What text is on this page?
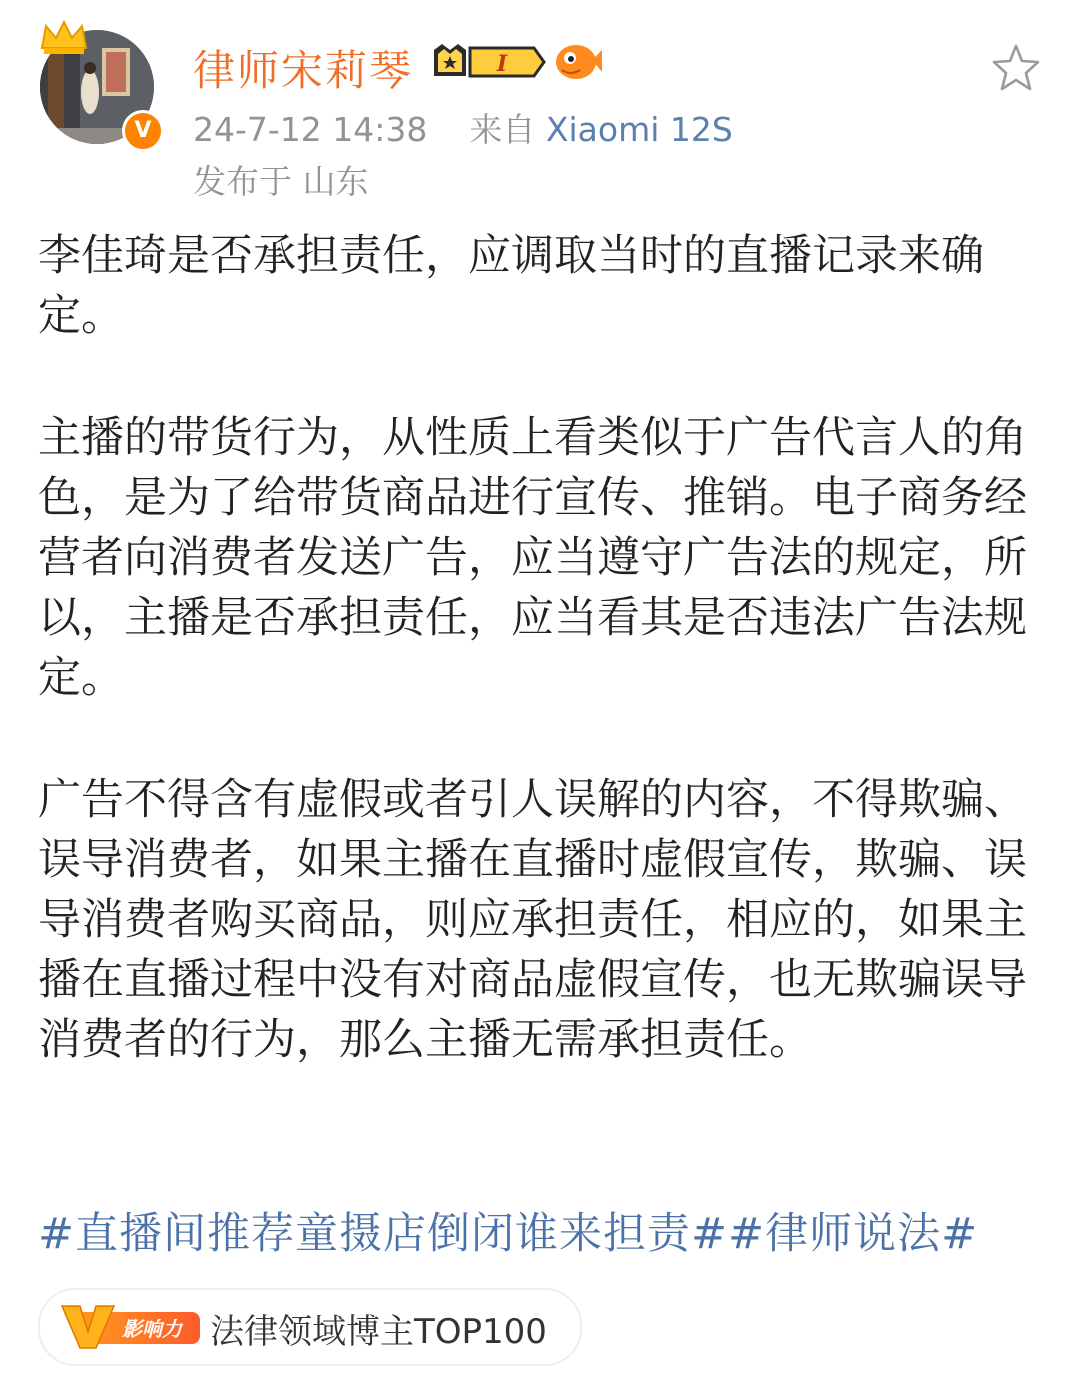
V
律师宋莉琴	I
24-7-12 14:38 来自 Xiaomi 12S
发布于 山东

李佳琦是否承担责任，应调取当时的直播记录来确定。

主播的带货行为，从性质上看类似于广告代言人的角色，是为了给带货商品进行宣传、推销。电子商务经营者向消费者发送广告，应当遵守广告法的规定，所以，主播是否承担责任，应当看其是否违法广告法规定。

广告不得含有虚假或者引人误解的内容，不得欺骗、误导消费者，如果主播在直播时虚假宣传，欺骗、误导消费者购买商品，则应承担责任，相应的，如果主播在直播过程中没有对商品虚假宣传，也无欺骗误导消费者的行为，那么主播无需承担责任。

#直播间推荐童摄店倒闭谁来担责##律师说法#
影响力 法律领域博主TOP100
